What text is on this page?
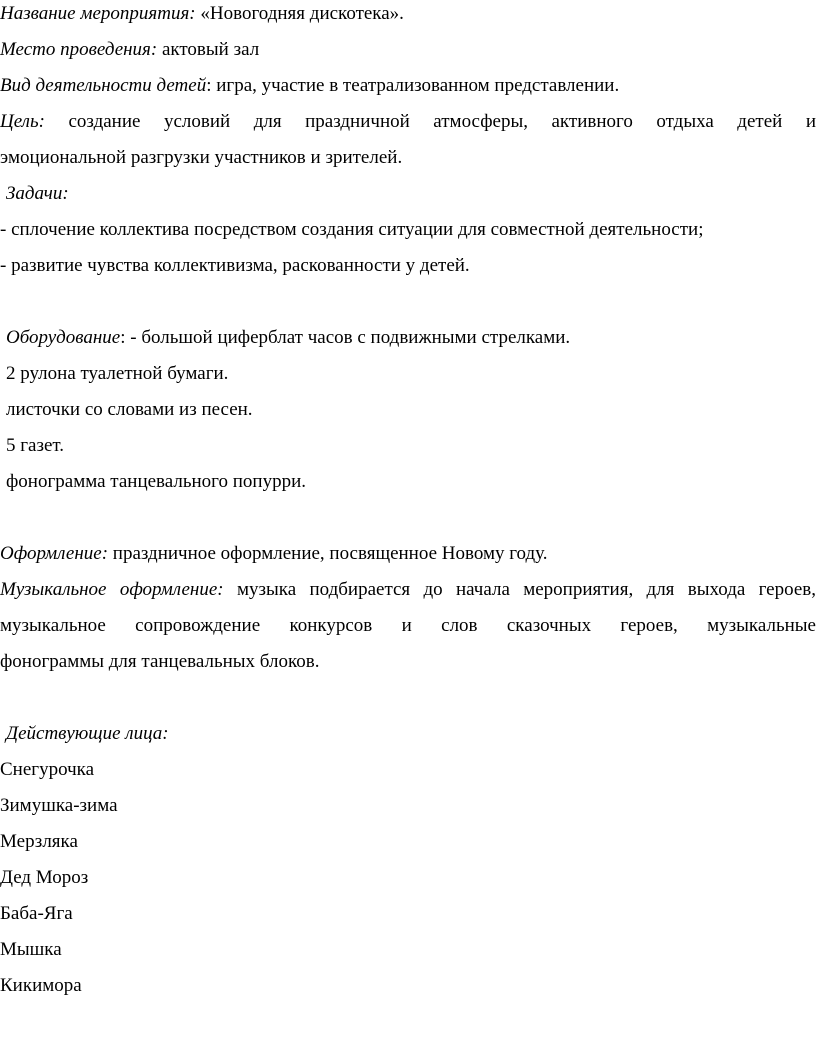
Название мероприятия: «Новогодняя дискотека».
Место проведения: актовый зал
Вид деятельности детей: игра, участие в театрализованном представлении.
Цель: создание условий для праздничной атмосферы, активного отдыха детей и
эмоциональной разгрузки участников и зрителей.
Задачи:
- сплочение коллектива посредством создания ситуации для совместной деятельности;
- развитие чувства коллективизма, раскованности у детей.
Оборудование: - большой циферблат часов с подвижными стрелками.
2 рулона туалетной бумаги.
листочки со словами из песен.
5 газет.
фонограмма танцевального попурри.
Оформление: праздничное оформление, посвященное Новому году.
Музыкальное оформление: музыка подбирается до начала мероприятия, для выхода героев,
музыкальное сопровождение конкурсов и слов сказочных героев, музыкальные
фонограммы для танцевальных блоков.
Действующие лица:
Снегурочка
Зимушка-зима
Мерзляка
Дед Мороз
Баба-Яга
Мышка
Кикимора
